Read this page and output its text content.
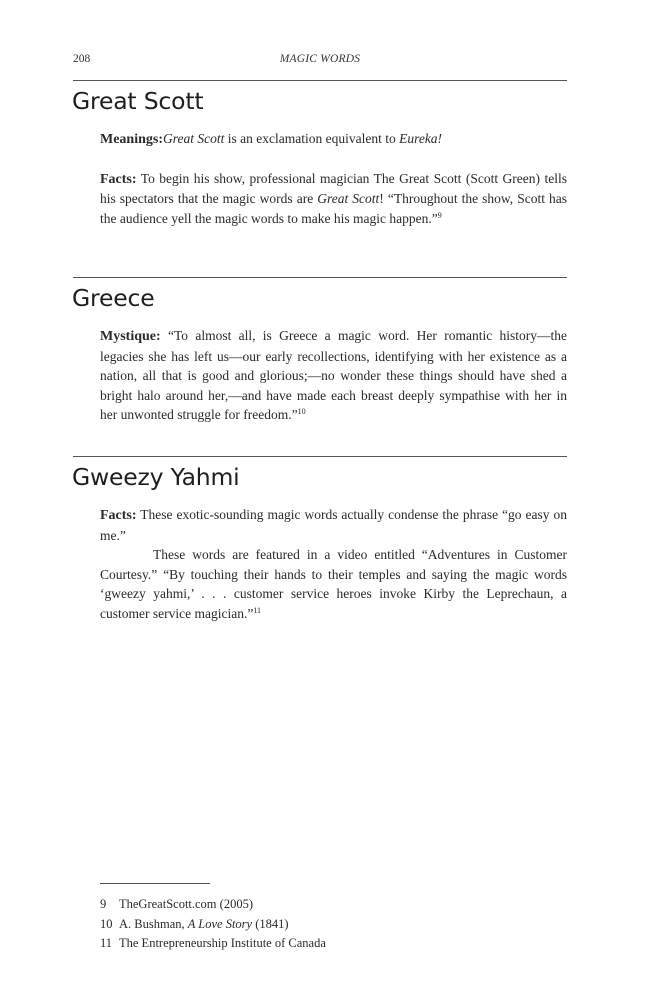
208	MAGIC WORDS
Great Scott

Meanings:Great Scott is an exclamation equivalent to Eureka!

Facts: To begin his show, professional magician The Great Scott (Scott Green) tells his spectators that the magic words are Great Scott! “Throughout the show, Scott has the audience yell the magic words to make his magic happen.”$^9$

Greece

Mystique: “To almost all, is Greece a magic word. Her romantic history—the legacies she has left us—our early recollections, identifying with her existence as a nation, all that is good and glorious;—no wonder these things should have shed a bright halo around her,—and have made each breast deeply sympathise with her in her unwonted struggle for freedom.”$^{10}$

Gweezy Yahmi

Facts: These exotic-sounding magic words actually condense the phrase “go easy on me.”

These words are featured in a video entitled “Adventures in Customer Courtesy.” “By touching their hands to their temples and saying the magic words ‘gweezy yahmi,’ . . . customer service heroes invoke Kirby the Leprechaun, a customer service magician.”$^{11}$

9	TheGreatScott.com (2005)
10 A. Bushman, A Love Story (1841)
11 The Entrepreneurship Institute of Canada
